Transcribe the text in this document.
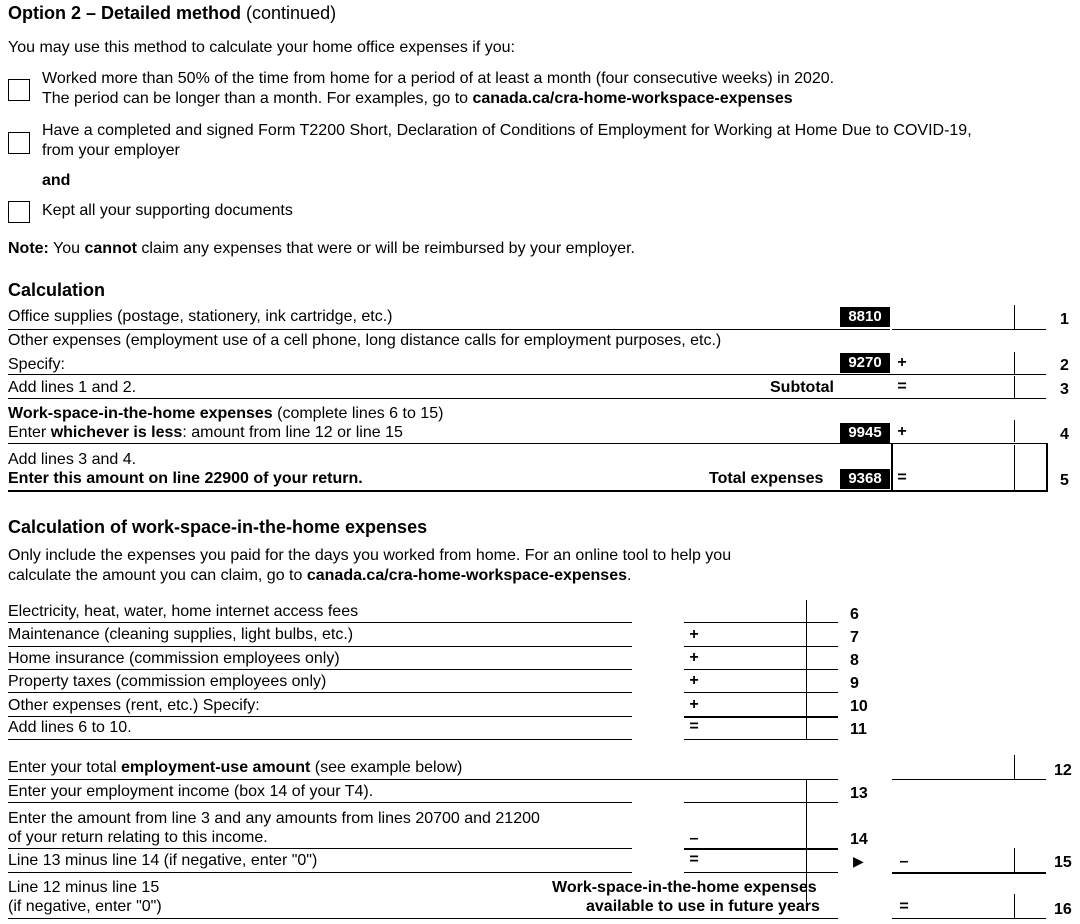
Option 2 – Detailed method (continued)
You may use this method to calculate your home office expenses if you:
Worked more than 50% of the time from home for a period of at least a month (four consecutive weeks) in 2020.
The period can be longer than a month. For examples, go to canada.ca/cra-home-workspace-expenses
Have a completed and signed Form T2200 Short, Declaration of Conditions of Employment for Working at Home Due to COVID-19,
from your employer
and
Kept all your supporting documents
Note: You cannot claim any expenses that were or will be reimbursed by your employer.
Calculation
Office supplies (postage, stationery, ink cartridge, etc.)	8810	1
Other expenses (employment use of a cell phone, long distance calls for employment purposes, etc.)
Specify:	9270 +	2
Add lines 1 and 2.	Subtotal	=	3
Work-space-in-the-home expenses (complete lines 6 to 15)
Enter whichever is less: amount from line 12 or line 15	9945 +	4
Add lines 3 and 4.
Enter this amount on line 22900 of your return.	Total expenses	9368 =	5
Calculation of work-space-in-the-home expenses
Only include the expenses you paid for the days you worked from home. For an online tool to help you
calculate the amount you can claim, go to canada.ca/cra-home-workspace-expenses.
Electricity, heat, water, home internet access fees	6
Maintenance (cleaning supplies, light bulbs, etc.)	+	7
Home insurance (commission employees only)	+	8
Property taxes (commission employees only)	+	9
Other expenses (rent, etc.) Specify:	+	10
Add lines 6 to 10.	=	11
Enter your total employment-use amount (see example below)	12
Enter your employment income (box 14 of your T4).	13
Enter the amount from line 3 and any amounts from lines 20700 and 21200
of your return relating to this income.	–	14
Line 13 minus line 14 (if negative, enter "0")	=	▶ –	15
Line 12 minus line 15
(if negative, enter "0")
Work-space-in-the-home expenses
available to use in future years	=	16
